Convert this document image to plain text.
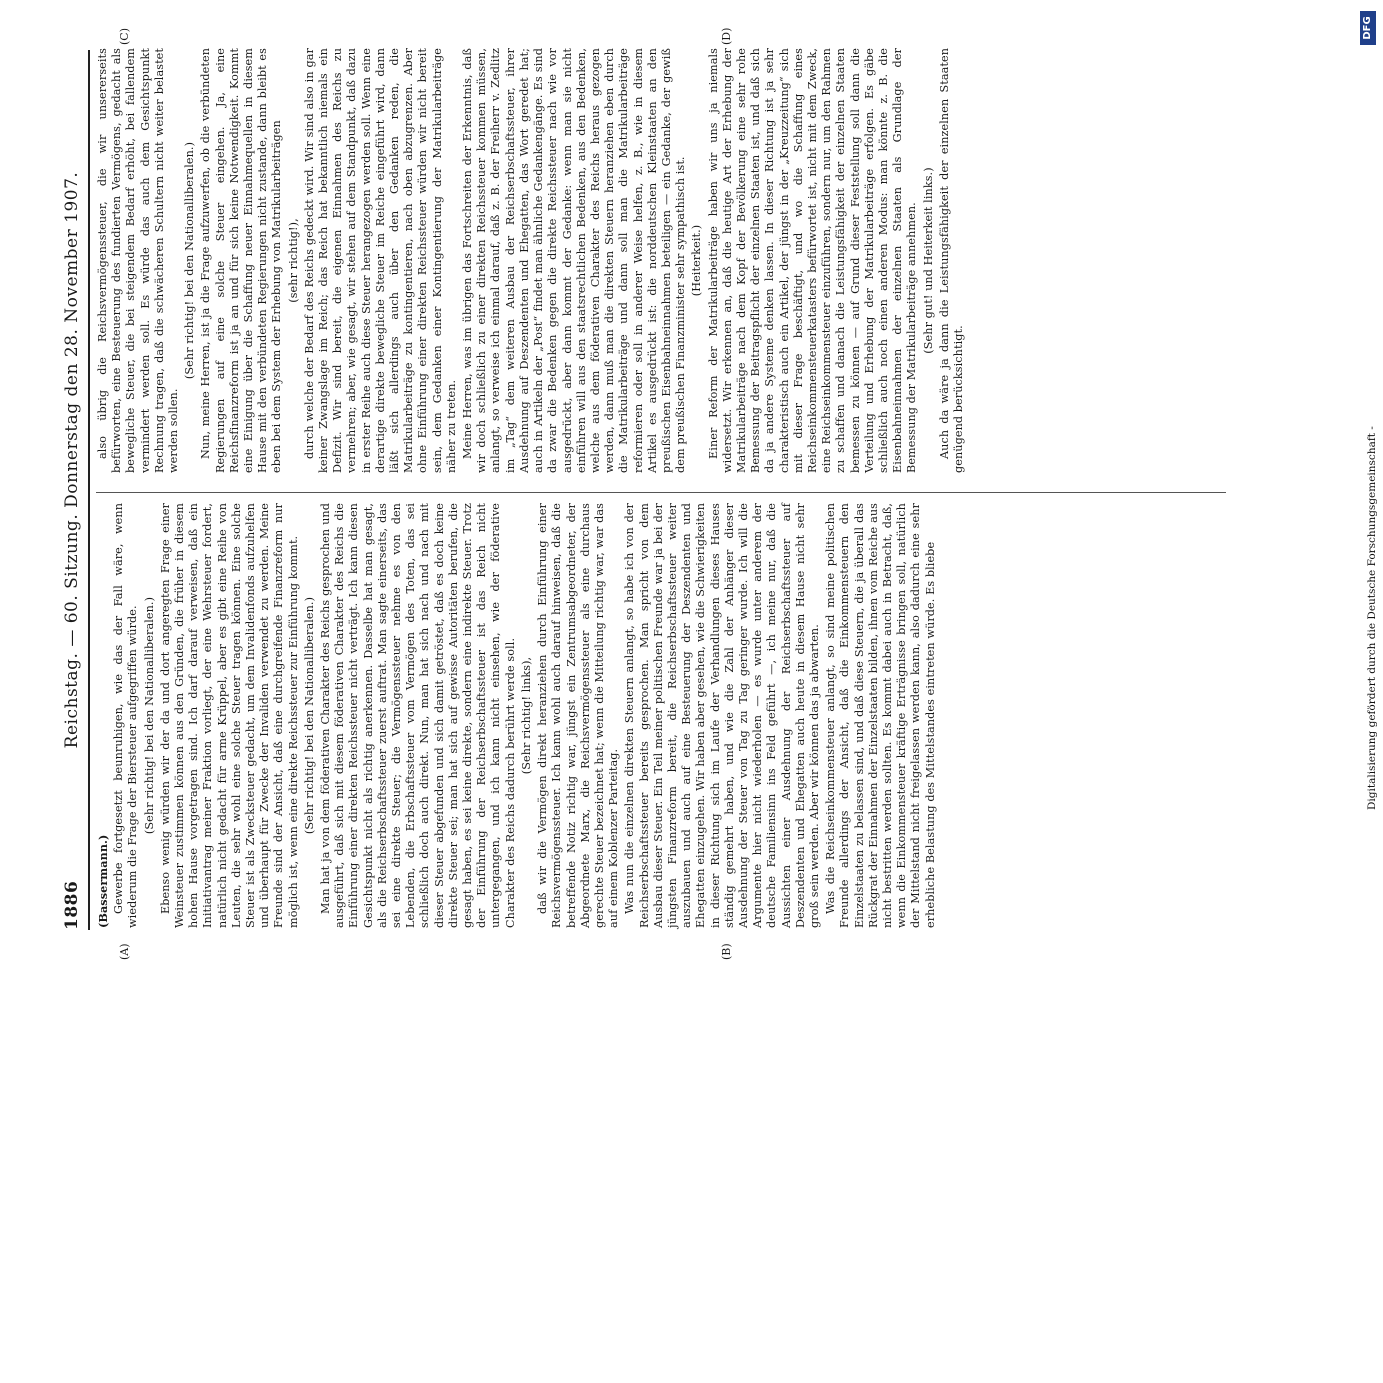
1886
Reichstag. — 60. Sitzung. Donnerstag den 28. November 1907.
(A)	(B)
(C)	(D)

(Bassermann.) Gewerbe fortgesetzt beunruhigen, wie das der Fall wäre, wenn wiederum die Frage der Biersteuer aufgegriffen würde. (Sehr richtig! bei den Nationalliberalen.) Ebenso wenig würden wir der da und dort angeregten Frage einer Weinsteuer zustimmen können aus den Gründen, die früher in diesem hohen Hause vorgetragen sind. Ich darf darauf verweisen, daß ein Initiativantrag meiner Fraktion vorliegt, der eine Wehrsteuer fordert, natürlich nicht gedacht für arme Krüppel, aber es gibt eine Reihe von Leuten, die sehr wohl eine solche Steuer tragen können. Eine solche Steuer ist als Zwecksteuer gedacht, um dem Invalidenfonds aufzuhelfen und überhaupt für Zwecke der Invaliden verwendet zu werden. Meine Freunde sind der Ansicht, daß eine durchgreifende Finanzreform nur möglich ist, wenn eine direkte Reichssteuer zur Einführung kommt. (Sehr richtig! bei den Nationalliberalen.) Man hat ja von dem föderativen Charakter des Reichs gesprochen und ausgeführt, daß sich mit diesem föderativen Charakter des Reichs die Einführung einer direkten Reichssteuer nicht verträgt. Ich kann diesen Gesichtspunkt nicht als richtig anerkennen. Dasselbe hat man gesagt, als die Reichserbschaftssteuer zuerst auftrat. Man sagte einerseits, das sei eine direkte Steuer; die Vermögenssteuer nehme es von den Lebenden, die Erbschaftssteuer vom Vermögen des Toten, das sei schließlich doch auch direkt. Nun, man hat sich nach und nach mit dieser Steuer abgefunden und sich damit getröstet, daß es doch keine direkte Steuer sei; man hat sich auf gewisse Autoritäten berufen, die gesagt haben, es sei keine direkte, sondern eine indirekte Steuer. Trotz der Einführung der Reichserbschaftssteuer ist das Reich nicht untergegangen, und ich kann nicht einsehen, wie der föderative Charakter des Reichs dadurch berührt werde soll. (Sehr richtig! links), daß wir die Vermögen direkt heranziehen durch Einführung einer Reichsvermögenssteuer. Ich kann wohl auch darauf hinweisen, daß die betreffende Notiz richtig war, jüngst ein Zentrumsabgeordneter, der Abgeordnete Marx, die Reichsvermögenssteuer als eine durchaus gerechte Steuer bezeichnet hat; wenn die Mitteilung richtig war, war das auf einem Koblenzer Parteitag. Was nun die einzelnen direkten Steuern anlangt, so habe ich von der Reichserbschaftssteuer bereits gesprochen. Man spricht von dem Ausbau dieser Steuer. Ein Teil meiner politischen Freunde war ja bei der jüngsten Finanzreform bereit, die Reichserbschaftssteuer weiter auszubauen und auch auf eine Besteuerung der Deszendenten und Ehegatten einzugehen. Wir haben aber gesehen, wie die Schwierigkeiten in dieser Richtung sich im Laufe der Verhandlungen dieses Hauses ständig gemehrt haben, und wie die Zahl der Anhänger dieser Ausdehnung der Steuer von Tag zu Tag geringer wurde. Ich will die Argumente hier nicht wiederholen — es wurde unter anderem der deutsche Familiensinn ins Feld geführt —, ich meine nur, daß die Aussichten einer Ausdehnung der Reichserbschaftssteuer auf Deszendenten und Ehegatten auch heute in diesem Hause nicht sehr groß sein werden. Aber wir können das ja abwarten. Was die Reichseinkommensteuer anlangt, so sind meine politischen Freunde allerdings der Ansicht, daß die Einkommensteuern den Einzelstaaten zu belassen sind, und daß diese Steuern, die ja überall das Rückgrat der Einnahmen der Einzelstaaten bilden, ihnen vom Reiche aus nicht bestritten werden sollten. Es kommt dabei auch in Betracht, daß, wenn die Einkommensteuer kräftige Erträgnisse bringen soll, natürlich der Mittelstand nicht freigelassen werden kann, also dadurch eine sehr erhebliche Belastung des Mittelstandes eintreten würde. Es bliebe

also übrig die Reichsvermögenssteuer, die wir unsererseits befürworten, eine Besteuerung des fundierten Vermögens, gedacht als bewegliche Steuer, die bei steigendem Bedarf erhöht, bei fallendem vermindert werden soll. Es würde das auch dem Gesichtspunkt Rechnung tragen, daß die schwächeren Schultern nicht weiter belastet werden sollen.

(Sehr richtig! bei den Nationalliberalen.) Nun, meine Herren, ist ja die Frage aufzuwerfen, ob die verbündeten Regierungen auf eine solche Steuer eingehen. Ja, eine Reichsfinanzreform ist ja an und für sich keine Notwendigkeit. Kommt eine Einigung über die Schaffung neuer Einnahmequellen in diesem Hause mit den verbündeten Regierungen nicht zustande, dann bleibt es eben bei dem System der Erhebung von Matrikularbeiträgen (sehr richtig!), durch welche der Bedarf des Reichs gedeckt wird. Wir sind also in gar keiner Zwangslage im Reich; das Reich hat bekanntlich niemals ein Defizit. Wir sind bereit, die eigenen Einnahmen des Reichs zu vermehren; aber, wie gesagt, wir stehen auf dem Standpunkt, daß dazu in erster Reihe auch diese Steuer herangezogen werden soll. Wenn eine derartige direkte bewegliche Steuer im Reiche eingeführt wird, dann läßt sich allerdings auch über den Gedanken reden, die Matrikularbeiträge zu kontingentieren, nach oben abzugrenzen. Aber ohne Einführung einer direkten Reichssteuer würden wir nicht bereit sein, dem Gedanken einer Kontingentierung der Matrikularbeiträge näher zu treten. Meine Herren, was im übrigen das Fortschreiten der Erkenntnis, daß wir doch schließlich zu einer direkten Reichssteuer kommen müssen, anlangt, so verweise ich einmal darauf, daß z. B. der Freiherr v. Zedlitz im „Tag“ dem weiteren Ausbau der Reichserbschaftssteuer, ihrer Ausdehnung auf Deszendenten und Ehegatten, das Wort geredet hat; auch in Artikeln der „Post“ findet man ähnliche Gedankengänge. Es sind da zwar die Bedenken gegen die direkte Reichssteuer nach wie vor ausgedrückt, aber dann kommt der Gedanke: wenn man sie nicht einführen will aus den staatsrechtlichen Bedenken, aus den Bedenken, welche aus dem föderativen Charakter des Reichs heraus gezogen werden, dann muß man die direkten Steuern heranziehen eben durch die Matrikularbeiträge und dann soll man die Matrikularbeiträge reformieren oder soll in anderer Weise helfen, z. B., wie in diesem Artikel es ausgedrückt ist: die norddeutschen Kleinstaaten an den preußischen Eisenbahneinnahmen beteiligen — ein Gedanke, der gewiß dem preußischen Finanzminister sehr sympathisch ist. (Heiterkeit.) Einer Reform der Matrikularbeiträge haben wir uns ja niemals widersetzt. Wir erkennen an, daß die heutige Art der Erhebung der Matrikularbeiträge nach dem Kopf der Bevölkerung eine sehr rohe Bemessung der Beitragspflicht der einzelnen Staaten ist, und daß sich da ja andere Systeme denken lassen. In dieser Richtung ist ja sehr charakteristisch auch ein Artikel, der jüngst in der „Kreuzzeitung“ sich mit dieser Frage beschäftigt, und wo die Schaffung eines Reichseinkommensteuerkatasters befürwortet ist, nicht mit dem Zweck, eine Reichseinkommensteuer einzuführen, sondern nur, um den Rahmen zu schaffen und danach die Leistungsfähigkeit der einzelnen Staaten bemessen zu können — auf Grund dieser Feststellung soll dann die Verteilung und Erhebung der Matrikularbeiträge erfolgen. Es gäbe schließlich auch noch einen anderen Modus: man könnte z. B. die Eisenbahneinnahmen der einzelnen Staaten als Grundlage der Bemessung der Matrikularbeiträge annehmen. (Sehr gut! und Heiterkeit links.) Auch da wäre ja dann die Leistungsfähigkeit der einzelnen Staaten genügend berücksichtigt.

Digitalisierung gefördert durch die Deutsche Forschungsgemeinschaft -
DFG
